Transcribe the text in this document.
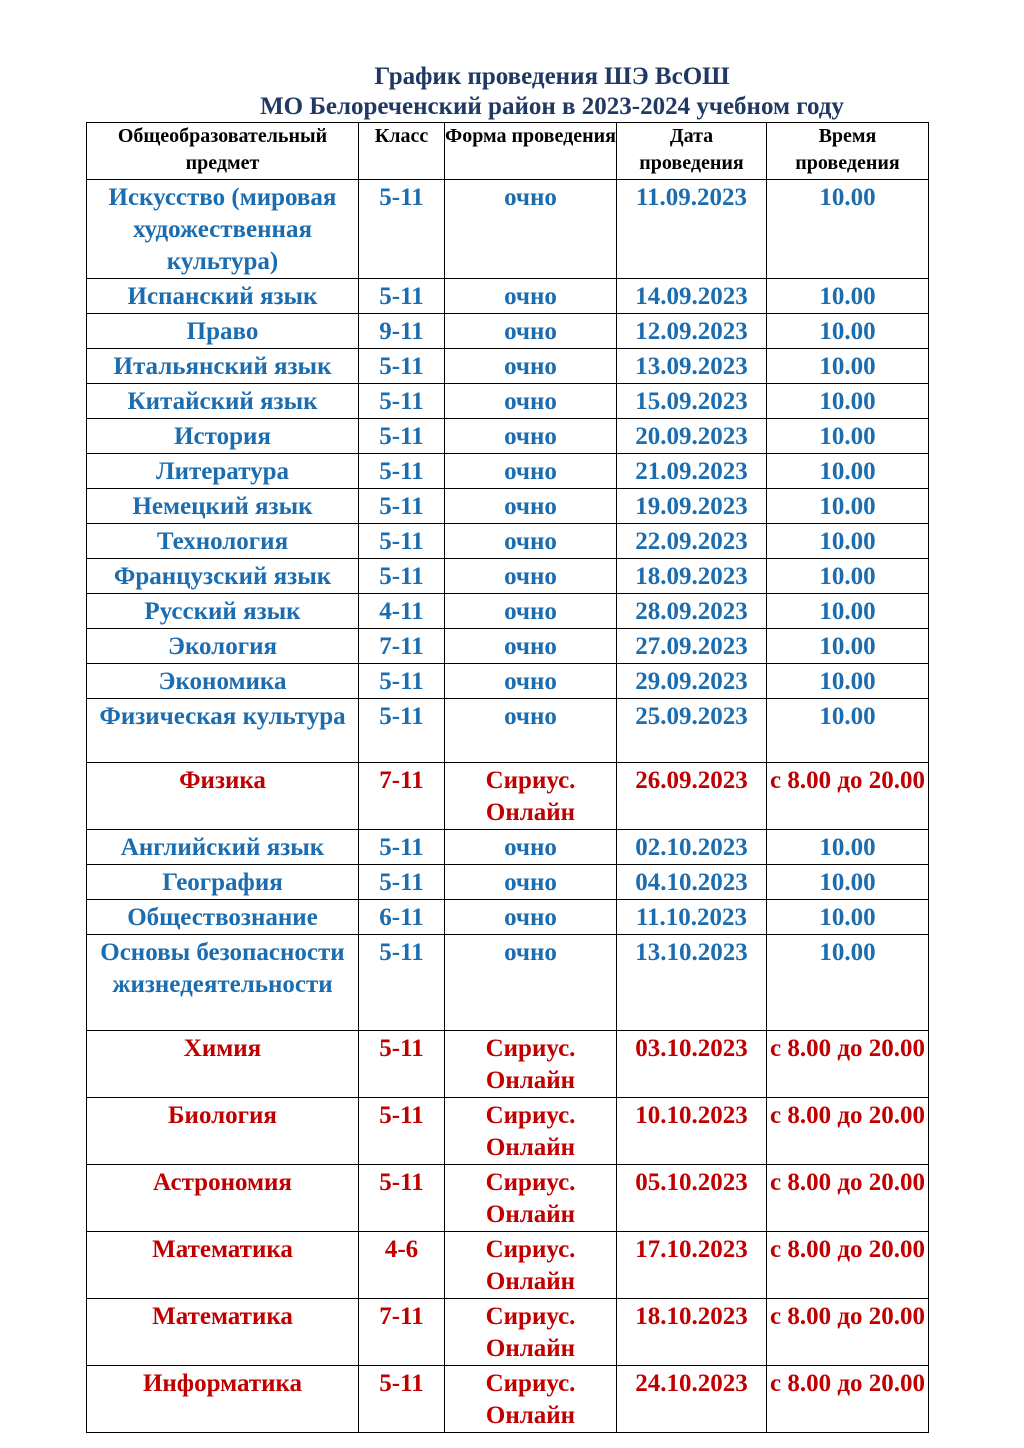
График проведения ШЭ ВсОШ
МО Белореченский район в 2023-2024 учебном году
Общеобразовательный предмет	Класс	Форма проведения	Дата проведения	Время проведения
Искусство (мировая художественная культура)	5-11	очно	11.09.2023	10.00
Испанский язык	5-11	очно	14.09.2023	10.00
Право	9-11	очно	12.09.2023	10.00
Итальянский язык	5-11	очно	13.09.2023	10.00
Китайский язык	5-11	очно	15.09.2023	10.00
История	5-11	очно	20.09.2023	10.00
Литература	5-11	очно	21.09.2023	10.00
Немецкий язык	5-11	очно	19.09.2023	10.00
Технология	5-11	очно	22.09.2023	10.00
Французский язык	5-11	очно	18.09.2023	10.00
Русский язык	4-11	очно	28.09.2023	10.00
Экология	7-11	очно	27.09.2023	10.00
Экономика	5-11	очно	29.09.2023	10.00
Физическая культура	5-11	очно	25.09.2023	10.00
Физика	7-11	Сириус. Онлайн	26.09.2023	с 8.00 до 20.00
Английский язык	5-11	очно	02.10.2023	10.00
География	5-11	очно	04.10.2023	10.00
Обществознание	6-11	очно	11.10.2023	10.00
Основы безопасности жизнедеятельности	5-11	очно	13.10.2023	10.00
Химия	5-11	Сириус. Онлайн	03.10.2023	с 8.00 до 20.00
Биология	5-11	Сириус. Онлайн	10.10.2023	с 8.00 до 20.00
Астрономия	5-11	Сириус. Онлайн	05.10.2023	с 8.00 до 20.00
Математика	4-6	Сириус. Онлайн	17.10.2023	с 8.00 до 20.00
Математика	7-11	Сириус. Онлайн	18.10.2023	с 8.00 до 20.00
Информатика	5-11	Сириус. Онлайн	24.10.2023	с 8.00 до 20.00
